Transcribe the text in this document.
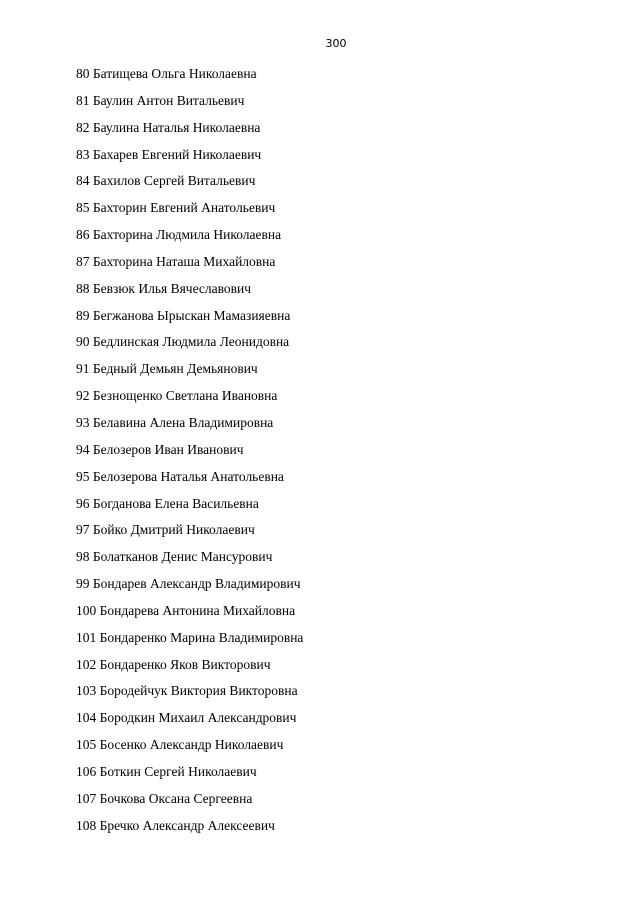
300
80 Батищева Ольга Николаевна
81 Баулин Антон Витальевич
82 Баулина Наталья Николаевна
83 Бахарев Евгений Николаевич
84 Бахилов Сергей Витальевич
85 Бахторин Евгений Анатольевич
86 Бахторина Людмила Николаевна
87 Бахторина Наташа Михайловна
88 Бевзюк Илья Вячеславович
89 Бегжанова Ырыскан Мамазияевна
90 Бедлинская Людмила Леонидовна
91 Бедный Демьян Демьянович
92 Безнощенко Светлана Ивановна
93 Белавина Алена Владимировна
94 Белозеров Иван Иванович
95 Белозерова Наталья Анатольевна
96 Богданова Елена Васильевна
97 Бойко Дмитрий Николаевич
98 Болатканов Денис Мансурович
99 Бондарев Александр Владимирович
100 Бондарева Антонина Михайловна
101 Бондаренко Марина Владимировна
102 Бондаренко Яков Викторович
103 Бородейчук Виктория Викторовна
104 Бородкин Михаил Александрович
105 Босенко Александр Николаевич
106 Боткин Сергей Николаевич
107 Бочкова Оксана Сергеевна
108 Бречко Александр Алексеевич
